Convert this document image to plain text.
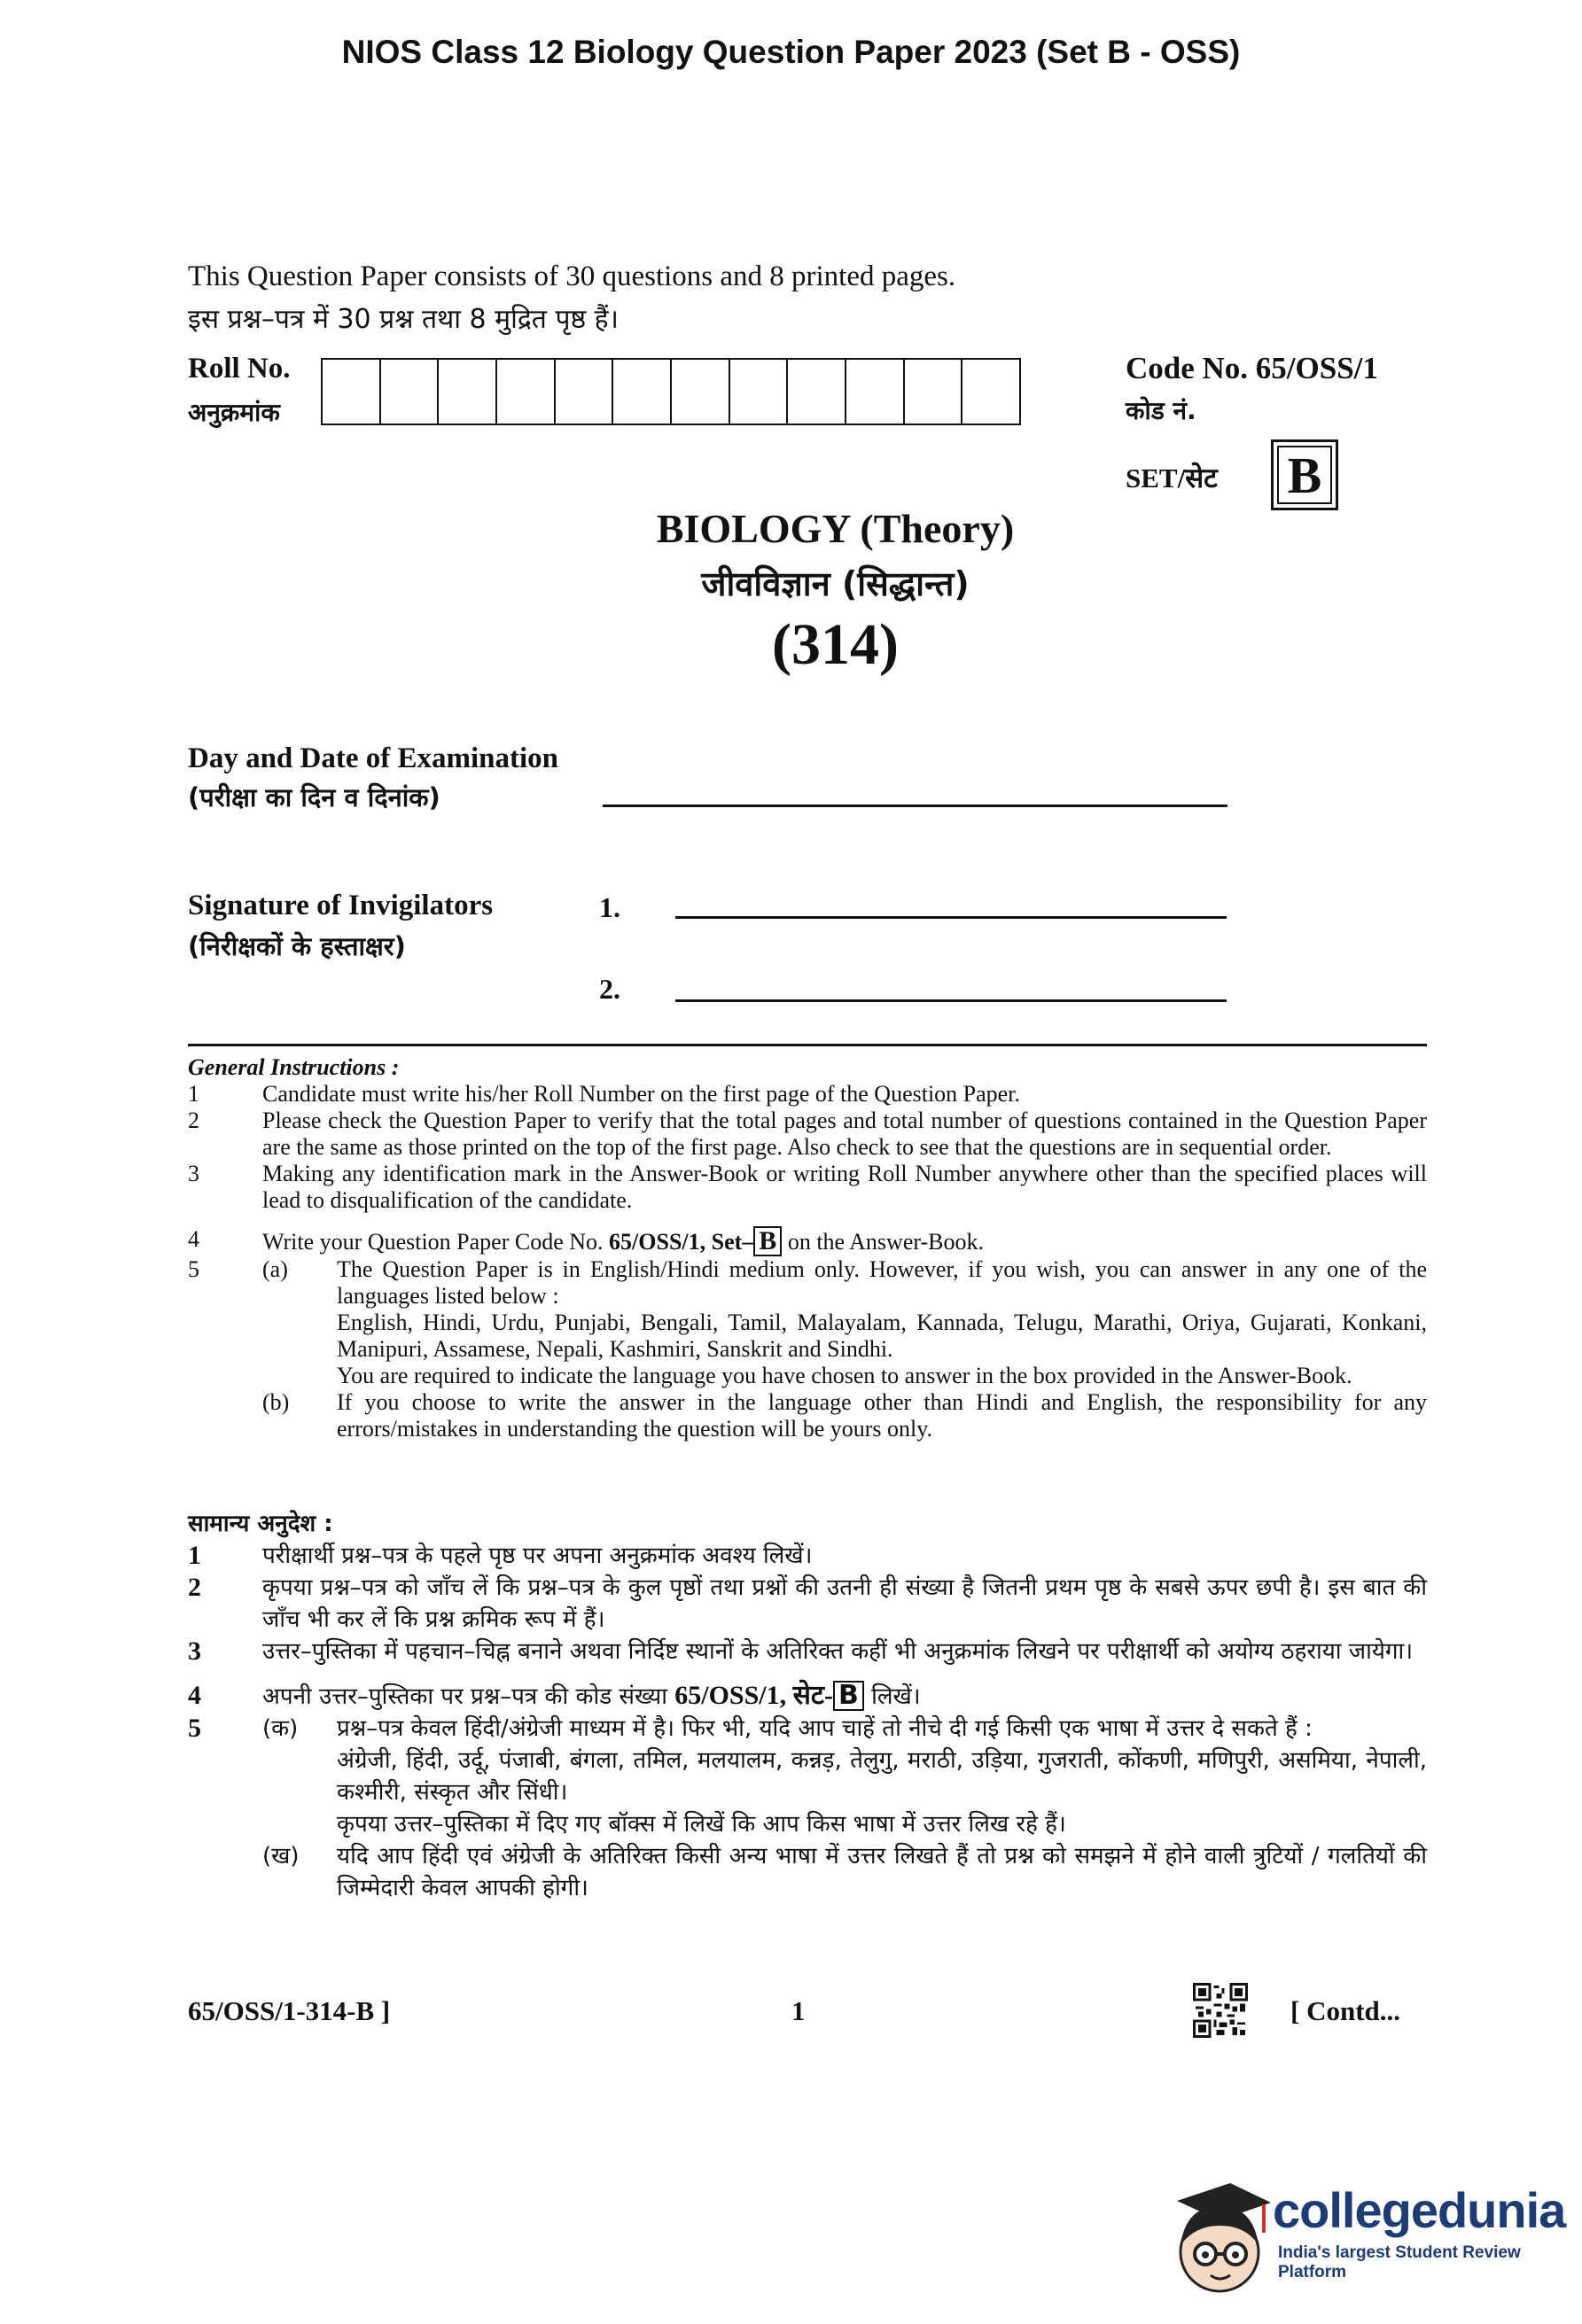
NIOS Class 12 Biology Question Paper 2023 (Set B - OSS)
This Question Paper consists of 30 questions and 8 printed pages.
इस प्रश्न–पत्र में 30 प्रश्न तथा 8 मुद्रित पृष्ठ हैं।
Roll No.
अनुक्रमांक
Code No. 65/OSS/1
कोड नं.
SET/सेट B
BIOLOGY (Theory)
जीवविज्ञान (सिद्धान्त)
(314)
Day and Date of Examination
(परीक्षा का दिन व दिनांक)
Signature of Invigilators
(निरीक्षकों के हस्ताक्षर)
1.
2.
General Instructions :
1	Candidate must write his/her Roll Number on the first page of the Question Paper.
2	Please check the Question Paper to verify that the total pages and total number of questions contained in the Question Paper are the same as those printed on the top of the first page. Also check to see that the questions are in sequential order.
3	Making any identification mark in the Answer-Book or writing Roll Number anywhere other than the specified places will lead to disqualification of the candidate.
4	Write your Question Paper Code No. 65/OSS/1, Set– B on the Answer-Book.
5	(a)	The Question Paper is in English/Hindi medium only. However, if you wish, you can answer in any one of the languages listed below :
English, Hindi, Urdu, Punjabi, Bengali, Tamil, Malayalam, Kannada, Telugu, Marathi, Oriya, Gujarati, Konkani, Manipuri, Assamese, Nepali, Kashmiri, Sanskrit and Sindhi.
You are required to indicate the language you have chosen to answer in the box provided in the Answer-Book.
(b)	If you choose to write the answer in the language other than Hindi and English, the responsibility for any errors/mistakes in understanding the question will be yours only.
सामान्य अनुदेश :
1	परीक्षार्थी प्रश्न–पत्र के पहले पृष्ठ पर अपना अनुक्रमांक अवश्य लिखें।
2	कृपया प्रश्न–पत्र को जाँच लें कि प्रश्न–पत्र के कुल पृष्ठों तथा प्रश्नों की उतनी ही संख्या है जितनी प्रथम पृष्ठ के सबसे ऊपर छपी है। इस बात की जाँच भी कर लें कि प्रश्न क्रमिक रूप में हैं।
3	उत्तर–पुस्तिका में पहचान–चिह्न बनाने अथवा निर्दिष्ट स्थानों के अतिरिक्त कहीं भी अनुक्रमांक लिखने पर परीक्षार्थी को अयोग्य ठहराया जायेगा।
4	अपनी उत्तर–पुस्तिका पर प्रश्न–पत्र की कोड संख्या 65/OSS/1, सेट- B लिखें।
5	(क)	प्रश्न–पत्र केवल हिंदी/अंग्रेजी माध्यम में है। फिर भी, यदि आप चाहें तो नीचे दी गई किसी एक भाषा में उत्तर दे सकते हैं :
अंग्रेजी, हिंदी, उर्दू, पंजाबी, बंगला, तमिल, मलयालम, कन्नड़, तेलुगु, मराठी, उड़िया, गुजराती, कोंकणी, मणिपुरी, असमिया, नेपाली, कश्मीरी, संस्कृत और सिंधी।
कृपया उत्तर–पुस्तिका में दिए गए बॉक्स में लिखें कि आप किस भाषा में उत्तर लिख रहे हैं।
(ख)	यदि आप हिंदी एवं अंग्रेजी के अतिरिक्त किसी अन्य भाषा में उत्तर लिखते हैं तो प्रश्न को समझने में होने वाली त्रुटियों / गलतियों की जिम्मेदारी केवल आपकी होगी।
65/OSS/1-314-B ]	1	[ Contd...
collegedunia
India's largest Student Review Platform
